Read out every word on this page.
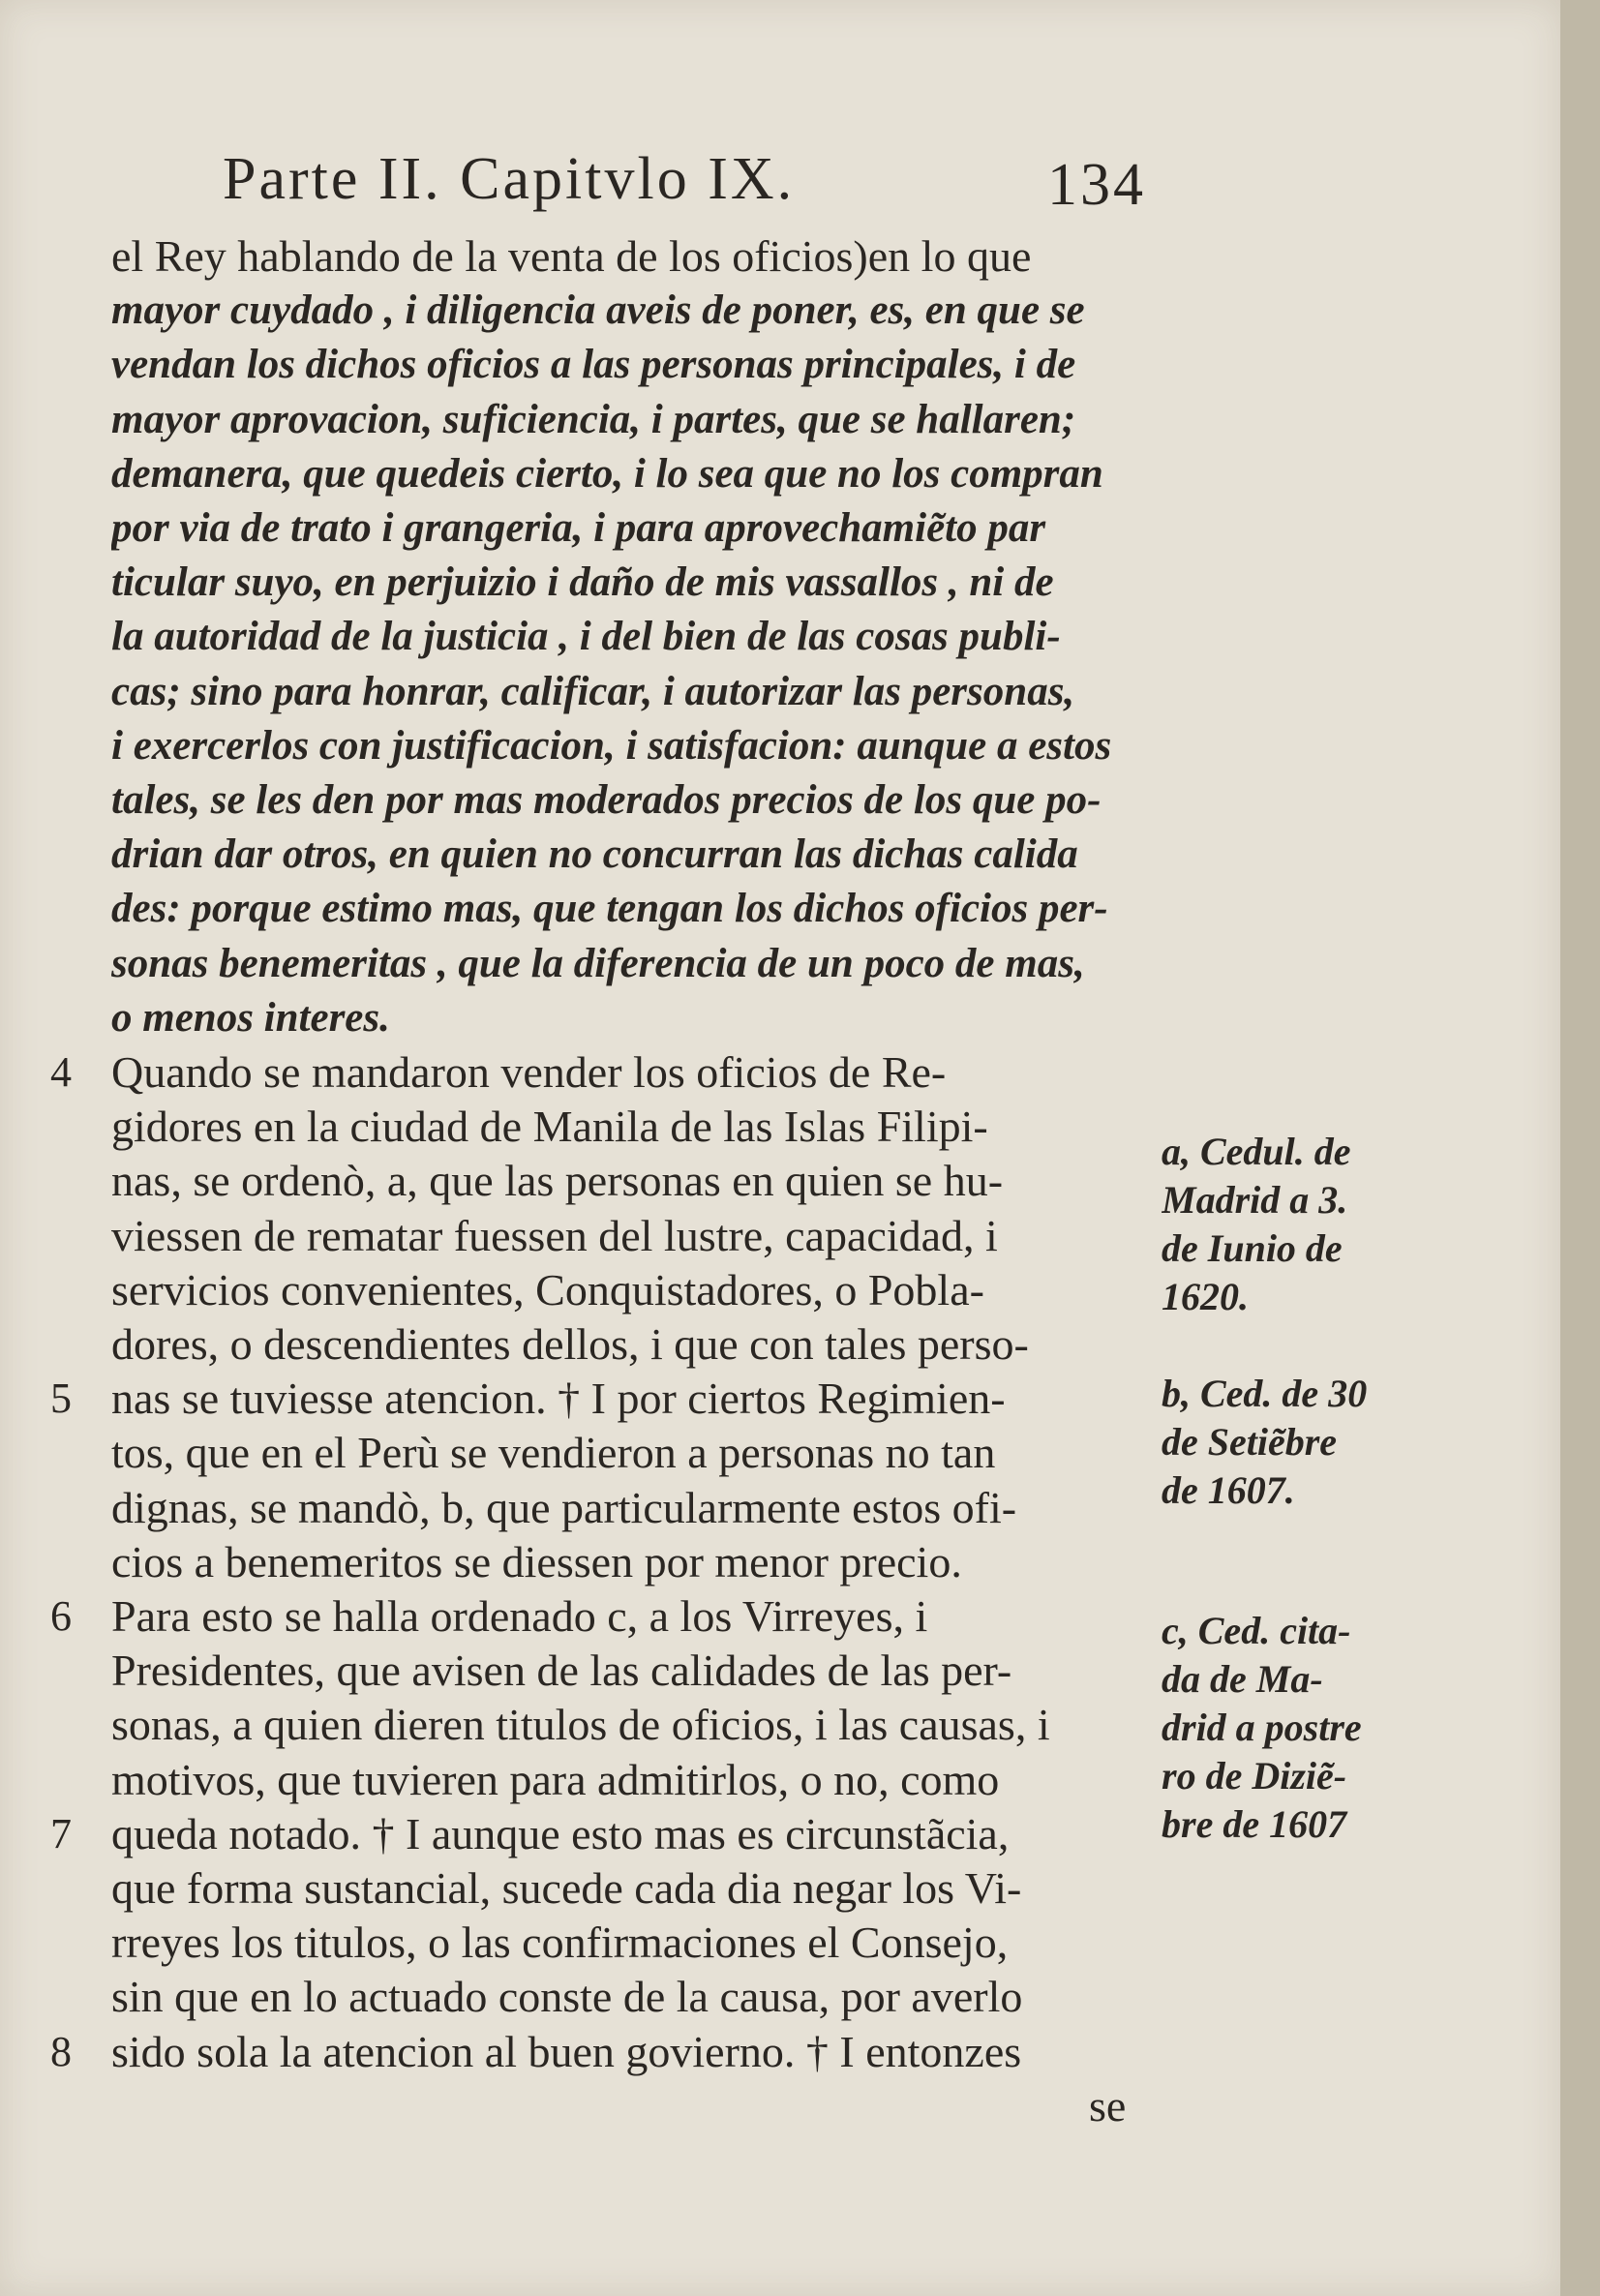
Parte II. Capitvlo IX.	134
el Rey hablando de la venta de los oficios)en lo que
mayor cuydado , i diligencia aveis de poner, es, en que se
vendan los dichos oficios a las personas principales, i de
mayor aprovacion, suficiencia, i partes, que se hallaren;
demanera, que quedeis cierto, i lo sea que no los compran
por via de trato i grangeria, i para aprovechamiẽto par
ticular suyo, en perjuizio i daño de mis vassallos , ni de
la autoridad de la justicia , i del bien de las cosas publi-
cas; sino para honrar, calificar, i autorizar las personas,
i exercerlos con justificacion, i satisfacion: aunque a estos
tales, se les den por mas moderados precios de los que po-
drian dar otros, en quien no concurran las dichas calida
des: porque estimo mas, que tengan los dichos oficios per-
sonas benemeritas , que la diferencia de un poco de mas,
o menos interes.
Quando se mandaron vender los oficios de Re-
gidores en la ciudad de Manila de las Islas Filipi-
nas, se ordenò, a, que las personas en quien se hu-
viessen de rematar fuessen del lustre, capacidad, i
servicios convenientes, Conquistadores, o Pobla-
dores, o descendientes dellos, i que con tales perso-
nas se tuviesse atencion. † I por ciertos Regimien-
tos, que en el Perù se vendieron a personas no tan
dignas, se mandò, b, que particularmente estos ofi-
cios a benemeritos se diessen por menor precio.
Para esto se halla ordenado c, a los Virreyes, i
Presidentes, que avisen de las calidades de las per-
sonas, a quien dieren titulos de oficios, i las causas, i
motivos, que tuvieren para admitirlos, o no, como
queda notado. † I aunque esto mas es circunstãcia,
que forma sustancial, sucede cada dia negar los Vi-
rreyes los titulos, o las confirmaciones el Consejo,
sin que en lo actuado conste de la causa, por averlo
sido sola la atencion al buen govierno. † I entonzes
se
4
5
6
7
8
a, Cedul. de
Madrid a 3.
de Iunio de
1620.
b, Ced. de 30
de Setiẽbre
de 1607.
c, Ced. cita-
da de Ma-
drid a postre
ro de Diziẽ-
bre de 1607
